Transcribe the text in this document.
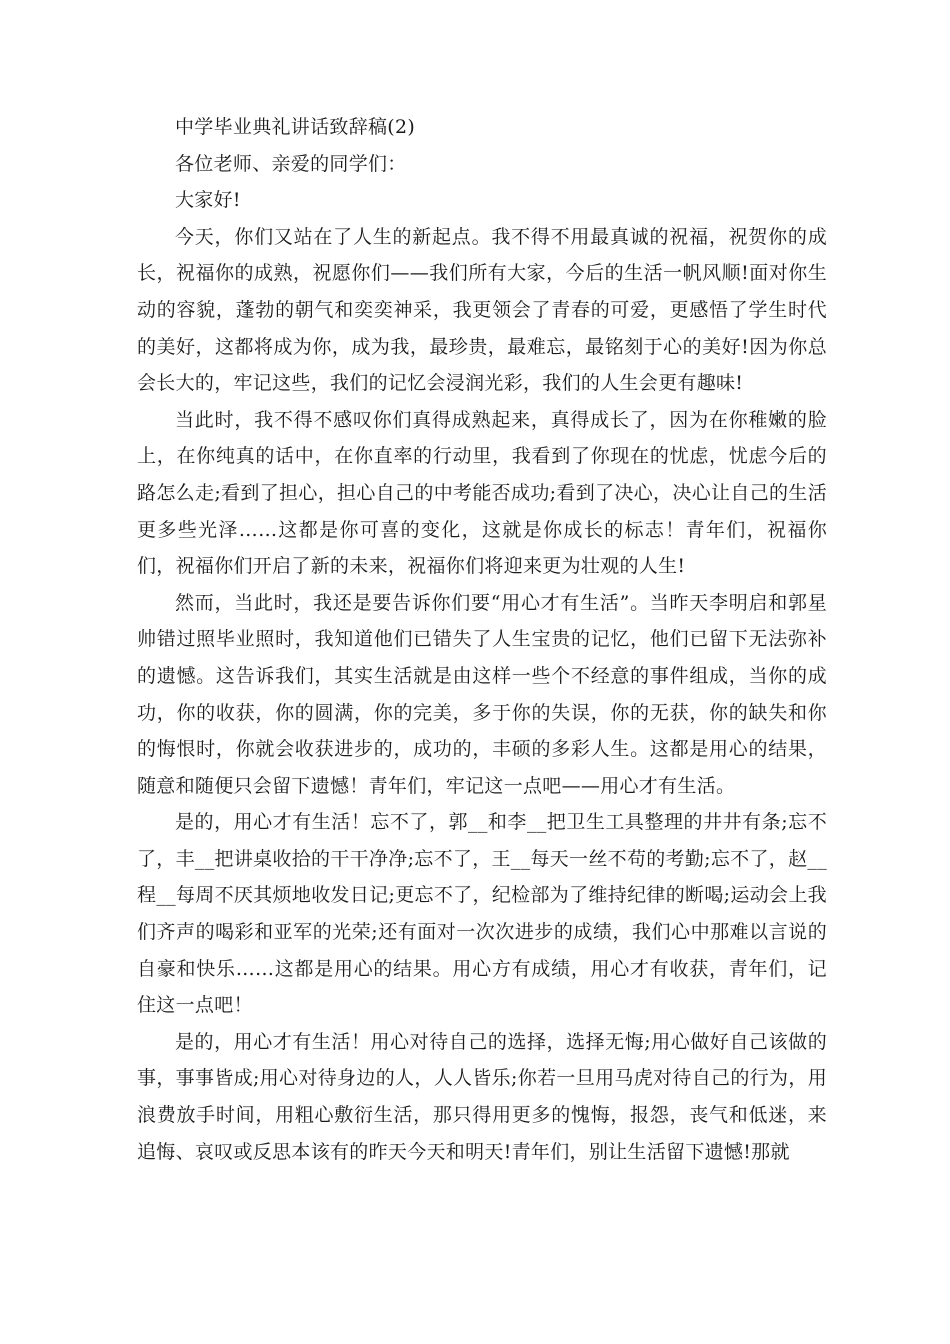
中学毕业典礼讲话致辞稿(2)

各位老师、亲爱的同学们：

大家好!

今天，你们又站在了人生的新起点。我不得不用最真诚的祝福，祝贺你的成长，祝福你的成熟，祝愿你们——我们所有大家，今后的生活一帆风顺!面对你生动的容貌，蓬勃的朝气和奕奕神采，我更领会了青春的可爱，更感悟了学生时代的美好，这都将成为你，成为我，最珍贵，最难忘，最铭刻于心的美好!因为你总会长大的，牢记这些，我们的记忆会浸润光彩，我们的人生会更有趣味!

当此时，我不得不感叹你们真得成熟起来，真得成长了，因为在你稚嫩的脸上，在你纯真的话中，在你直率的行动里，我看到了你现在的忧虑，忧虑今后的路怎么走;看到了担心，担心自己的中考能否成功;看到了决心，决心让自己的生活更多些光泽……这都是你可喜的变化，这就是你成长的标志！青年们，祝福你们，祝福你们开启了新的未来，祝福你们将迎来更为壮观的人生!

然而，当此时，我还是要告诉你们要“用心才有生活”。当昨天李明启和郭星帅错过照毕业照时，我知道他们已错失了人生宝贵的记忆，他们已留下无法弥补的遗憾。这告诉我们，其实生活就是由这样一些个不经意的事件组成，当你的成功，你的收获，你的圆满，你的完美，多于你的失误，你的无获，你的缺失和你的悔恨时，你就会收获进步的，成功的，丰硕的多彩人生。这都是用心的结果，随意和随便只会留下遗憾！青年们，牢记这一点吧——用心才有生活。

是的，用心才有生活！忘不了，郭__和李__把卫生工具整理的井井有条;忘不了，丰__把讲桌收拾的干干净净;忘不了，王__每天一丝不苟的考勤;忘不了，赵__程__每周不厌其烦地收发日记;更忘不了，纪检部为了维持纪律的断喝;运动会上我们齐声的喝彩和亚军的光荣;还有面对一次次进步的成绩，我们心中那难以言说的自豪和快乐……这都是用心的结果。用心方有成绩，用心才有收获，青年们，记住这一点吧！

是的，用心才有生活！用心对待自己的选择，选择无悔;用心做好自己该做的事，事事皆成;用心对待身边的人，人人皆乐;你若一旦用马虎对待自己的行为，用浪费放手时间，用粗心敷衍生活，那只得用更多的愧悔，报怨，丧气和低迷，来追悔、哀叹或反思本该有的昨天今天和明天!青年们，别让生活留下遗憾!那就
